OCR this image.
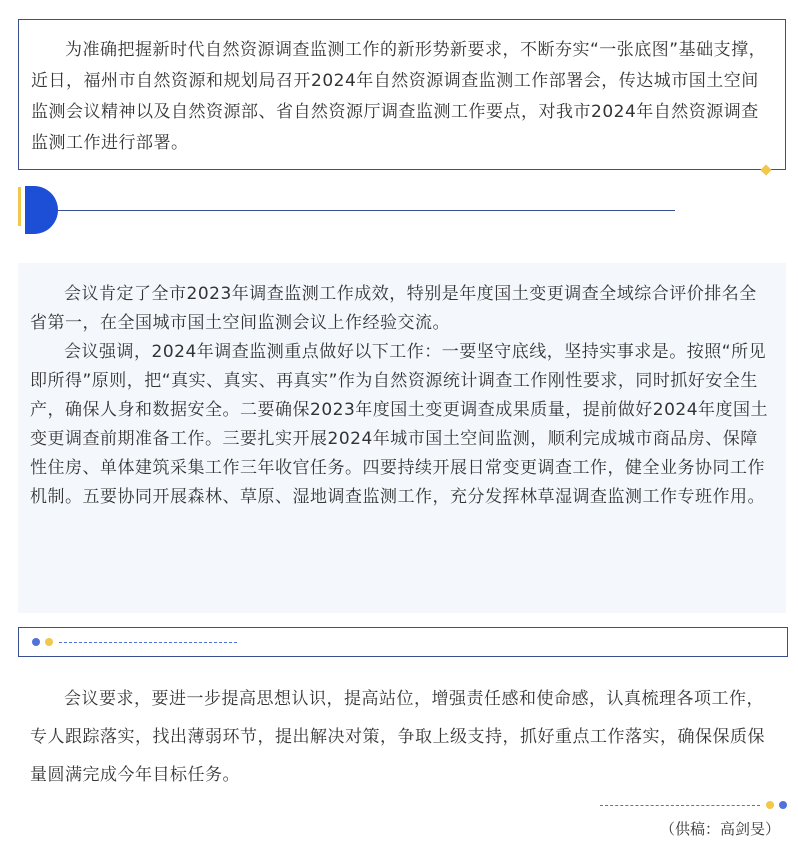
为准确把握新时代自然资源调查监测工作的新形势新要求，不断夯实“一张底图”基础支撑，近日，福州市自然资源和规划局召开2024年自然资源调查监测工作部署会，传达城市国土空间监测会议精神以及自然资源部、省自然资源厅调查监测工作要点，对我市2024年自然资源调查监测工作进行部署。

会议肯定了全市2023年调查监测工作成效，特别是年度国土变更调查全域综合评价排名全省第一，在全国城市国土空间监测会议上作经验交流。

会议强调，2024年调查监测重点做好以下工作：一要坚守底线，坚持实事求是。按照“所见即所得”原则，把“真实、真实、再真实”作为自然资源统计调查工作刚性要求，同时抓好安全生产，确保人身和数据安全。二要确保2023年度国土变更调查成果质量，提前做好2024年度国土变更调查前期准备工作。三要扎实开展2024年城市国土空间监测，顺利完成城市商品房、保障性住房、单体建筑采集工作三年收官任务。四要持续开展日常变更调查工作，健全业务协同工作机制。五要协同开展森林、草原、湿地调查监测工作，充分发挥林草湿调查监测工作专班作用。

会议要求，要进一步提高思想认识，提高站位，增强责任感和使命感，认真梳理各项工作，专人跟踪落实，找出薄弱环节，提出解决对策，争取上级支持，抓好重点工作落实，确保保质保量圆满完成今年目标任务。

（供稿：高剑旻）
